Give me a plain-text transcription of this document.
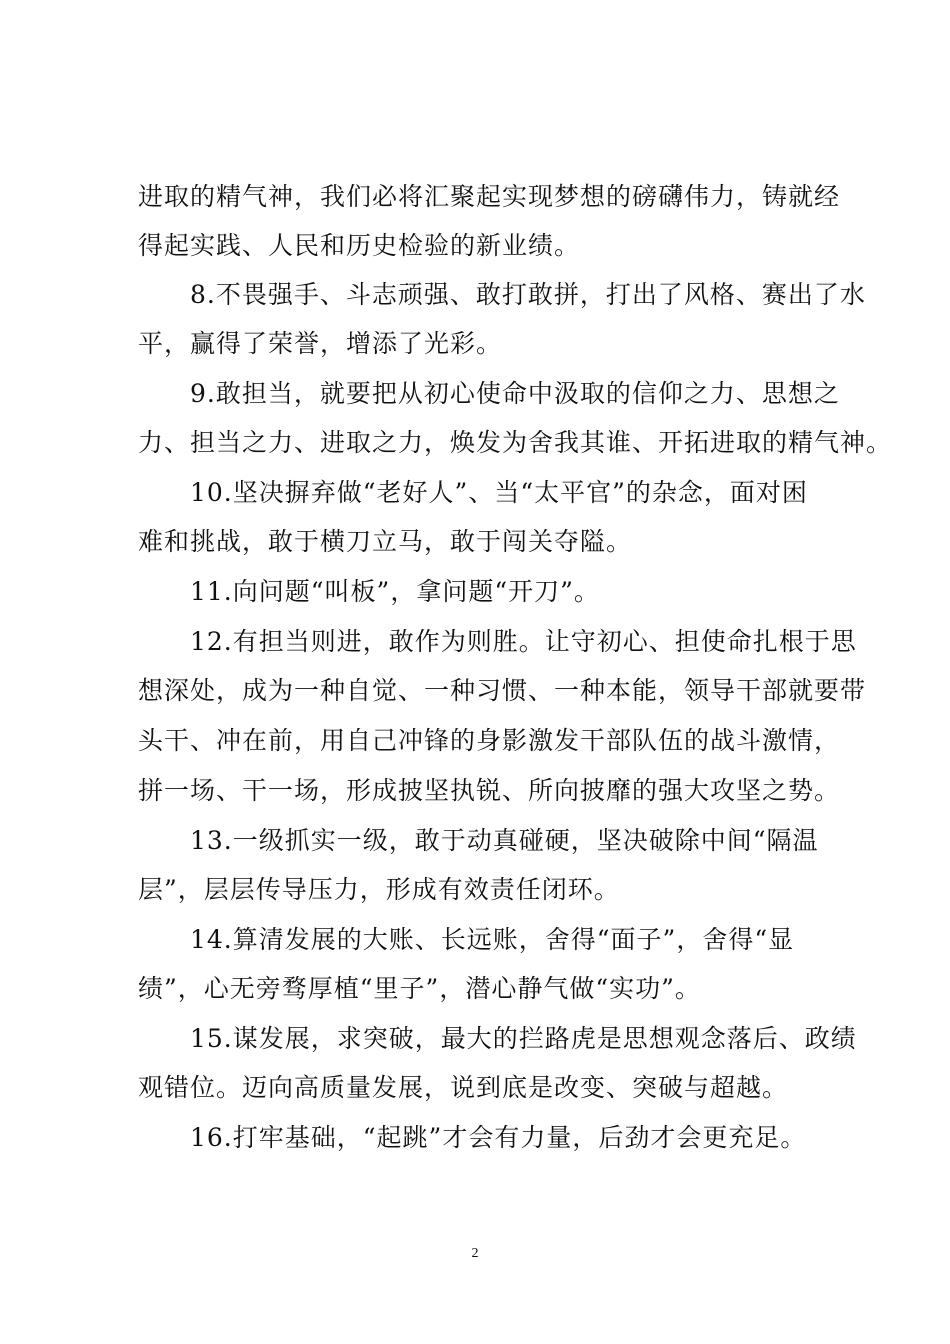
进取的精气神，我们必将汇聚起实现梦想的磅礴伟力，铸就经
得起实践、人民和历史检验的新业绩。
　　8.不畏强手、斗志顽强、敢打敢拼，打出了风格、赛出了水
平，赢得了荣誉，增添了光彩。
　　9.敢担当，就要把从初心使命中汲取的信仰之力、思想之
力、担当之力、进取之力，焕发为舍我其谁、开拓进取的精气神。
　　10.坚决摒弃做“老好人”、当“太平官”的杂念，面对困
难和挑战，敢于横刀立马，敢于闯关夺隘。
　　11.向问题“叫板”，拿问题“开刀”。
　　12.有担当则进，敢作为则胜。让守初心、担使命扎根于思
想深处，成为一种自觉、一种习惯、一种本能，领导干部就要带
头干、冲在前，用自己冲锋的身影激发干部队伍的战斗激情，
拼一场、干一场，形成披坚执锐、所向披靡的强大攻坚之势。
　　13.一级抓实一级，敢于动真碰硬，坚决破除中间“隔温
层”，层层传导压力，形成有效责任闭环。
　　14.算清发展的大账、长远账，舍得“面子”，舍得“显
绩”，心无旁骛厚植“里子”，潜心静气做“实功”。
　　15.谋发展，求突破，最大的拦路虎是思想观念落后、政绩
观错位。迈向高质量发展，说到底是改变、突破与超越。
　　16.打牢基础，“起跳”才会有力量，后劲才会更充足。
2
